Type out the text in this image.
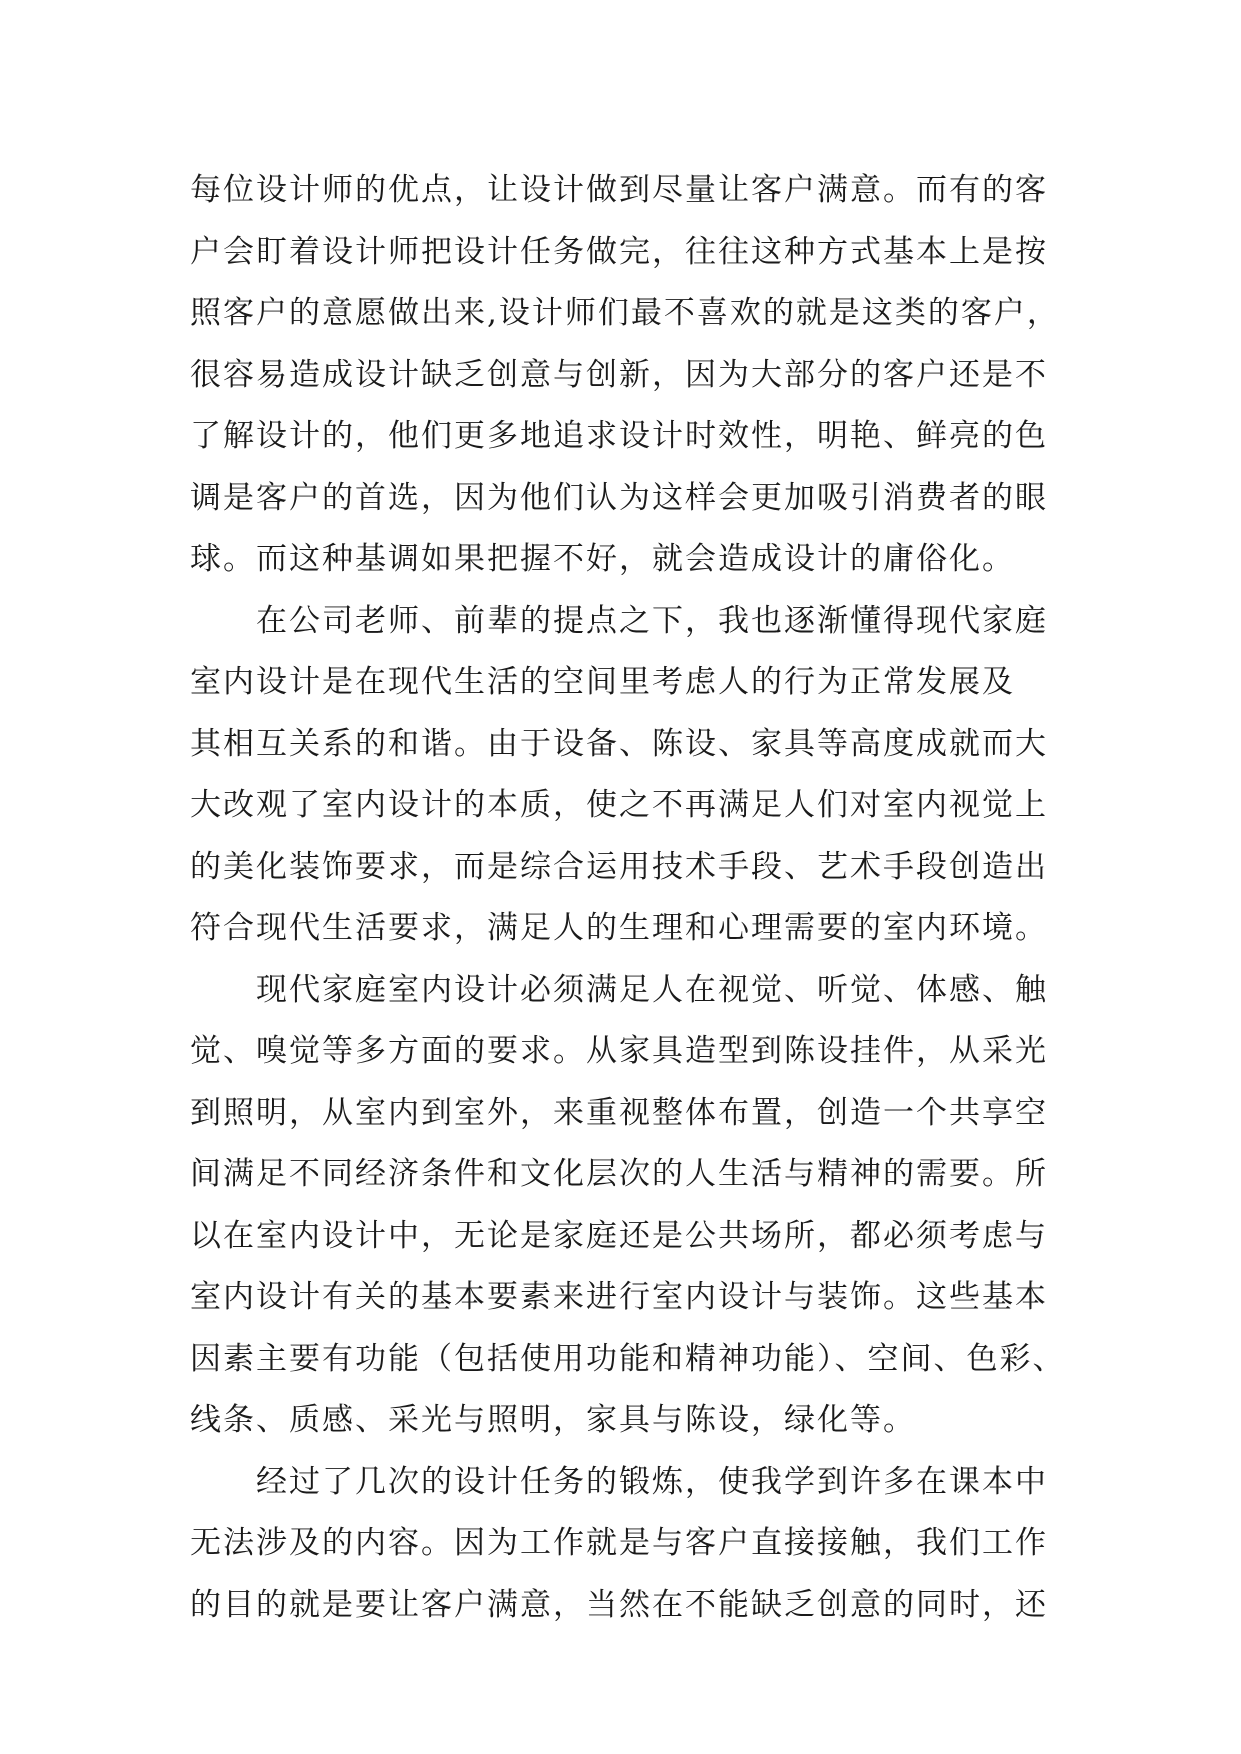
每位设计师的优点，让设计做到尽量让客户满意。而有的客
户会盯着设计师把设计任务做完，往往这种方式基本上是按
照客户的意愿做出来,设计师们最不喜欢的就是这类的客户，
很容易造成设计缺乏创意与创新，因为大部分的客户还是不
了解设计的，他们更多地追求设计时效性，明艳、鲜亮的色
调是客户的首选，因为他们认为这样会更加吸引消费者的眼
球。而这种基调如果把握不好，就会造成设计的庸俗化。
在公司老师、前辈的提点之下，我也逐渐懂得现代家庭
室内设计是在现代生活的空间里考虑人的行为正常发展及
其相互关系的和谐。由于设备、陈设、家具等高度成就而大
大改观了室内设计的本质，使之不再满足人们对室内视觉上
的美化装饰要求，而是综合运用技术手段、艺术手段创造出
符合现代生活要求，满足人的生理和心理需要的室内环境。
现代家庭室内设计必须满足人在视觉、听觉、体感、触
觉、嗅觉等多方面的要求。从家具造型到陈设挂件，从采光
到照明，从室内到室外，来重视整体布置，创造一个共享空
间满足不同经济条件和文化层次的人生活与精神的需要。所
以在室内设计中，无论是家庭还是公共场所，都必须考虑与
室内设计有关的基本要素来进行室内设计与装饰。这些基本
因素主要有功能（包括使用功能和精神功能）、空间、色彩、
线条、质感、采光与照明，家具与陈设，绿化等。
经过了几次的设计任务的锻炼，使我学到许多在课本中
无法涉及的内容。因为工作就是与客户直接接触，我们工作
的目的就是要让客户满意，当然在不能缺乏创意的同时，还
